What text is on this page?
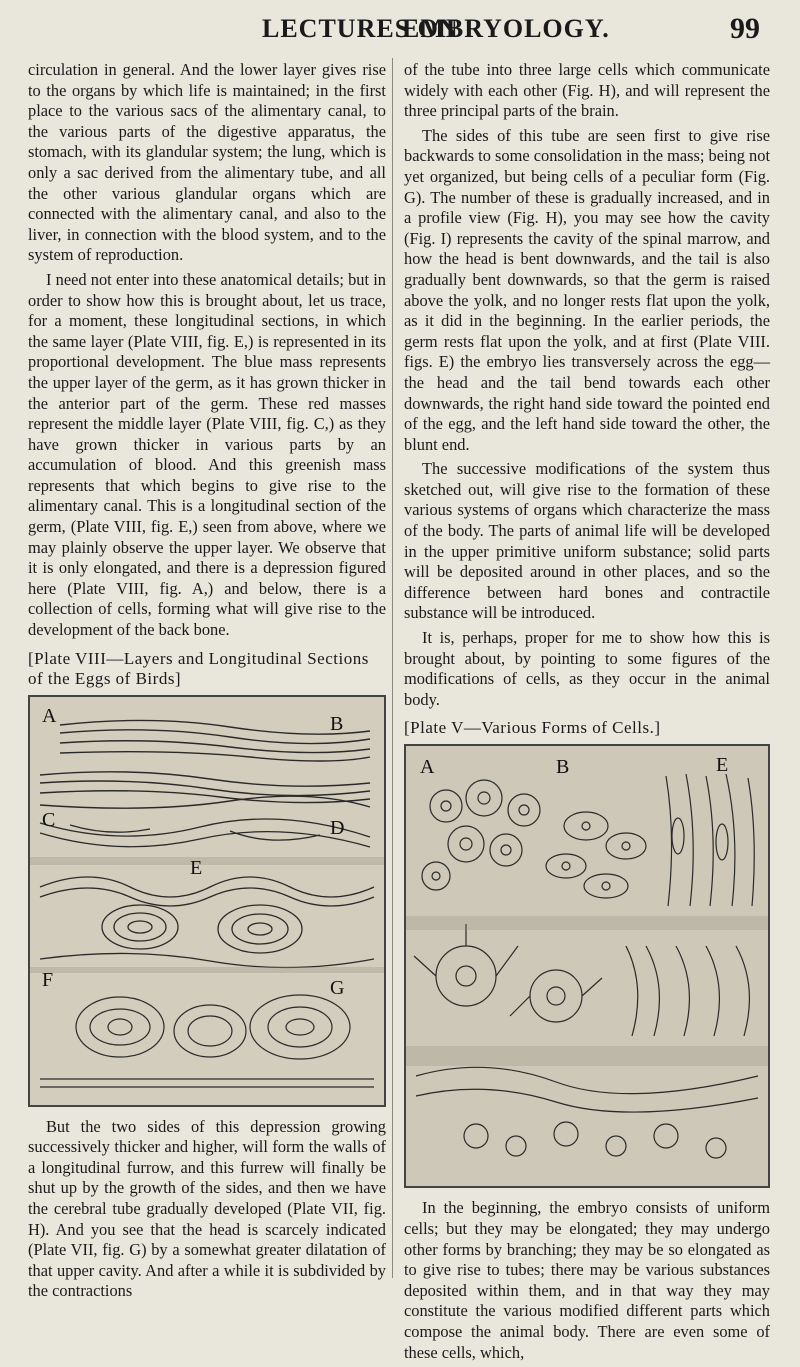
LECTURES ON
EMBRYOLOGY.	99

circulation in general. And the lower layer gives rise to the organs by which life is maintained; in the first place to the various sacs of the alimentary canal, to the various parts of the digestive apparatus, the stomach, with its glandular system; the lung, which is only a sac derived from the alimentary tube, and all the other various glandular organs which are connected with the alimentary canal, and also to the liver, in connection with the blood system, and to the system of reproduction.

I need not enter into these anatomical details; but in order to show how this is brought about, let us trace, for a moment, these longitudinal sections, in which the same layer (Plate VIII, fig. E,) is represented in its proportional development. The blue mass represents the upper layer of the germ, as it has grown thicker in the anterior part of the germ. These red masses represent the middle layer (Plate VIII, fig. C,) as they have grown thicker in various parts by an accumulation of blood. And this greenish mass represents that which begins to give rise to the alimentary canal. This is a longitudinal section of the germ, (Plate VIII, fig. E,) seen from above, where we may plainly observe the upper layer. We observe that it is only elongated, and there is a depression figured here (Plate VIII, fig. A,) and below, there is a collection of cells, forming what will give rise to the development of the back bone.

[Plate VIII—Layers and Longitudinal Sections of the Eggs of Birds]
A	B
C	D
E
F	G

But the two sides of this depression growing successively thicker and higher, will form the walls of a longitudinal furrow, and this furrew will finally be shut up by the growth of the sides, and then we have the cerebral tube gradually developed (Plate VII, fig. H). And you see that the head is scarcely indicated (Plate VII, fig. G) by a somewhat greater dilatation of that upper cavity. And after a while it is subdivided by the contractions

of the tube into three large cells which communicate widely with each other (Fig. H), and will represent the three principal parts of the brain.

The sides of this tube are seen first to give rise backwards to some consolidation in the mass; being not yet organized, but being cells of a peculiar form (Fig. G). The number of these is gradually increased, and in a profile view (Fig. H), you may see how the cavity (Fig. I) represents the cavity of the spinal marrow, and how the head is bent downwards, and the tail is also gradually bent downwards, so that the germ is raised above the yolk, and no longer rests flat upon the yolk, as it did in the beginning. In the earlier periods, the germ rests flat upon the yolk, and at first (Plate VIII. figs. E) the embryo lies transversely across the egg—the head and the tail bend towards each other downwards, the right hand side toward the pointed end of the egg, and the left hand side toward the other, the blunt end.

The successive modifications of the system thus sketched out, will give rise to the formation of these various systems of organs which characterize the mass of the body. The parts of animal life will be developed in the upper primitive uniform substance; solid parts will be deposited around in other places, and so the difference between hard bones and contractile substance will be introduced.

It is, perhaps, proper for me to show how this is brought about, by pointing to some figures of the modifications of cells, as they occur in the animal body.

[Plate V—Various Forms of Cells.]
A	B	E

In the beginning, the embryo consists of uniform cells; but they may be elongated; they may undergo other forms by branching; they may be so elongated as to give rise to tubes; there may be various substances deposited within them, and in that way they may constitute the various modified different parts which compose the animal body. There are even some of these cells, which,
